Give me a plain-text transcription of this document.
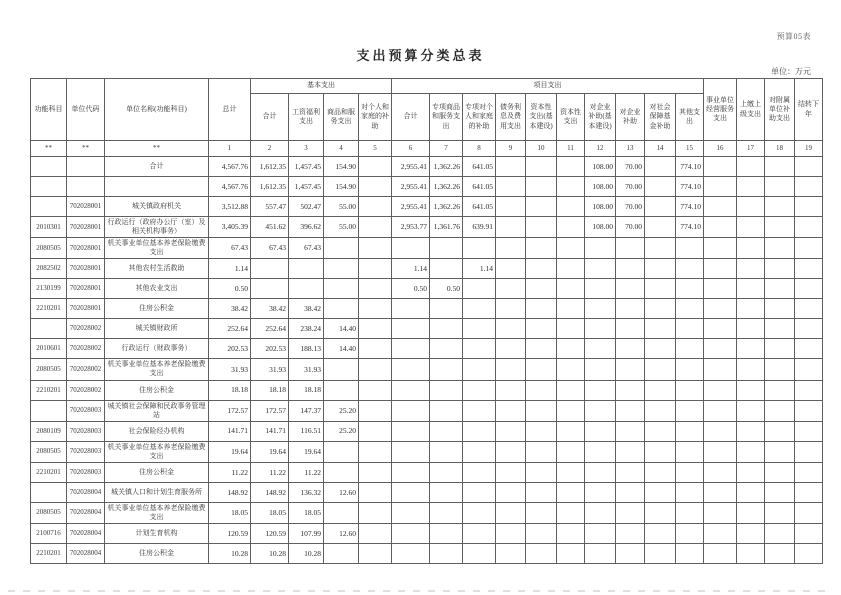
预算05表
支出预算分类总表
单位：万元
功能科目	单位代码	单位名称(功能科目)	总计	基本支出				项目支出										事业单位经营服务支出	上缴上级支出	对附属单位补助支出	结转下年
				合计	工资福利支出	商品和服务支出	对个人和家庭的补助	合计	专项商品和服务支出	专项对个人和家庭的补助	债务利息及费用支出	资本性支出(基本建设)	资本性支出	对企业补助(基本建设)	对企业补助	对社会保障基金补助	其他支出				
**	**	**	1	2	3	4	5	6	7	8	9	10	11	12	13	14	15	16	17	18	19
		合计	4,567.76	1,612.35	1,457.45	154.90		2,955.41	1,362.26	641.05				108.00	70.00		774.10				
			4,567.76	1,612.35	1,457.45	154.90		2,955.41	1,362.26	641.05				108.00	70.00		774.10				
	702028001	城关镇政府机关	3,512.88	557.47	502.47	55.00		2,955.41	1,362.26	641.05				108.00	70.00		774.10				
2010301	702028001	行政运行（政府办公厅（室）及相关机构事务）	3,405.39	451.62	396.62	55.00		2,953.77	1,361.76	639.91				108.00	70.00		774.10				
2080505	702028001	机关事业单位基本养老保险缴费支出	67.43	67.43	67.43																
2082502	702028001	其他农村生活救助	1.14					1.14		1.14											
2130199	702028001	其他农业支出	0.50					0.50	0.50												
2210201	702028001	住房公积金	38.42	38.42	38.42																
	702028002	城关镇财政所	252.64	252.64	238.24	14.40															
2010601	702028002	行政运行（财政事务）	202.53	202.53	188.13	14.40															
2080505	702028002	机关事业单位基本养老保险缴费支出	31.93	31.93	31.93																
2210201	702028002	住房公积金	18.18	18.18	18.18																
	702028003	城关镇社会保障和民政事务管理站	172.57	172.57	147.37	25.20															
2080109	702028003	社会保险经办机构	141.71	141.71	116.51	25.20															
2080505	702028003	机关事业单位基本养老保险缴费支出	19.64	19.64	19.64																
2210201	702028003	住房公积金	11.22	11.22	11.22																
	702028004	城关镇人口和计划生育服务所	148.92	148.92	136.32	12.60															
2080505	702028004	机关事业单位基本养老保险缴费支出	18.05	18.05	18.05																
2100716	702028004	计划生育机构	120.59	120.59	107.99	12.60															
2210201	702028004	住房公积金	10.28	10.28	10.28																
